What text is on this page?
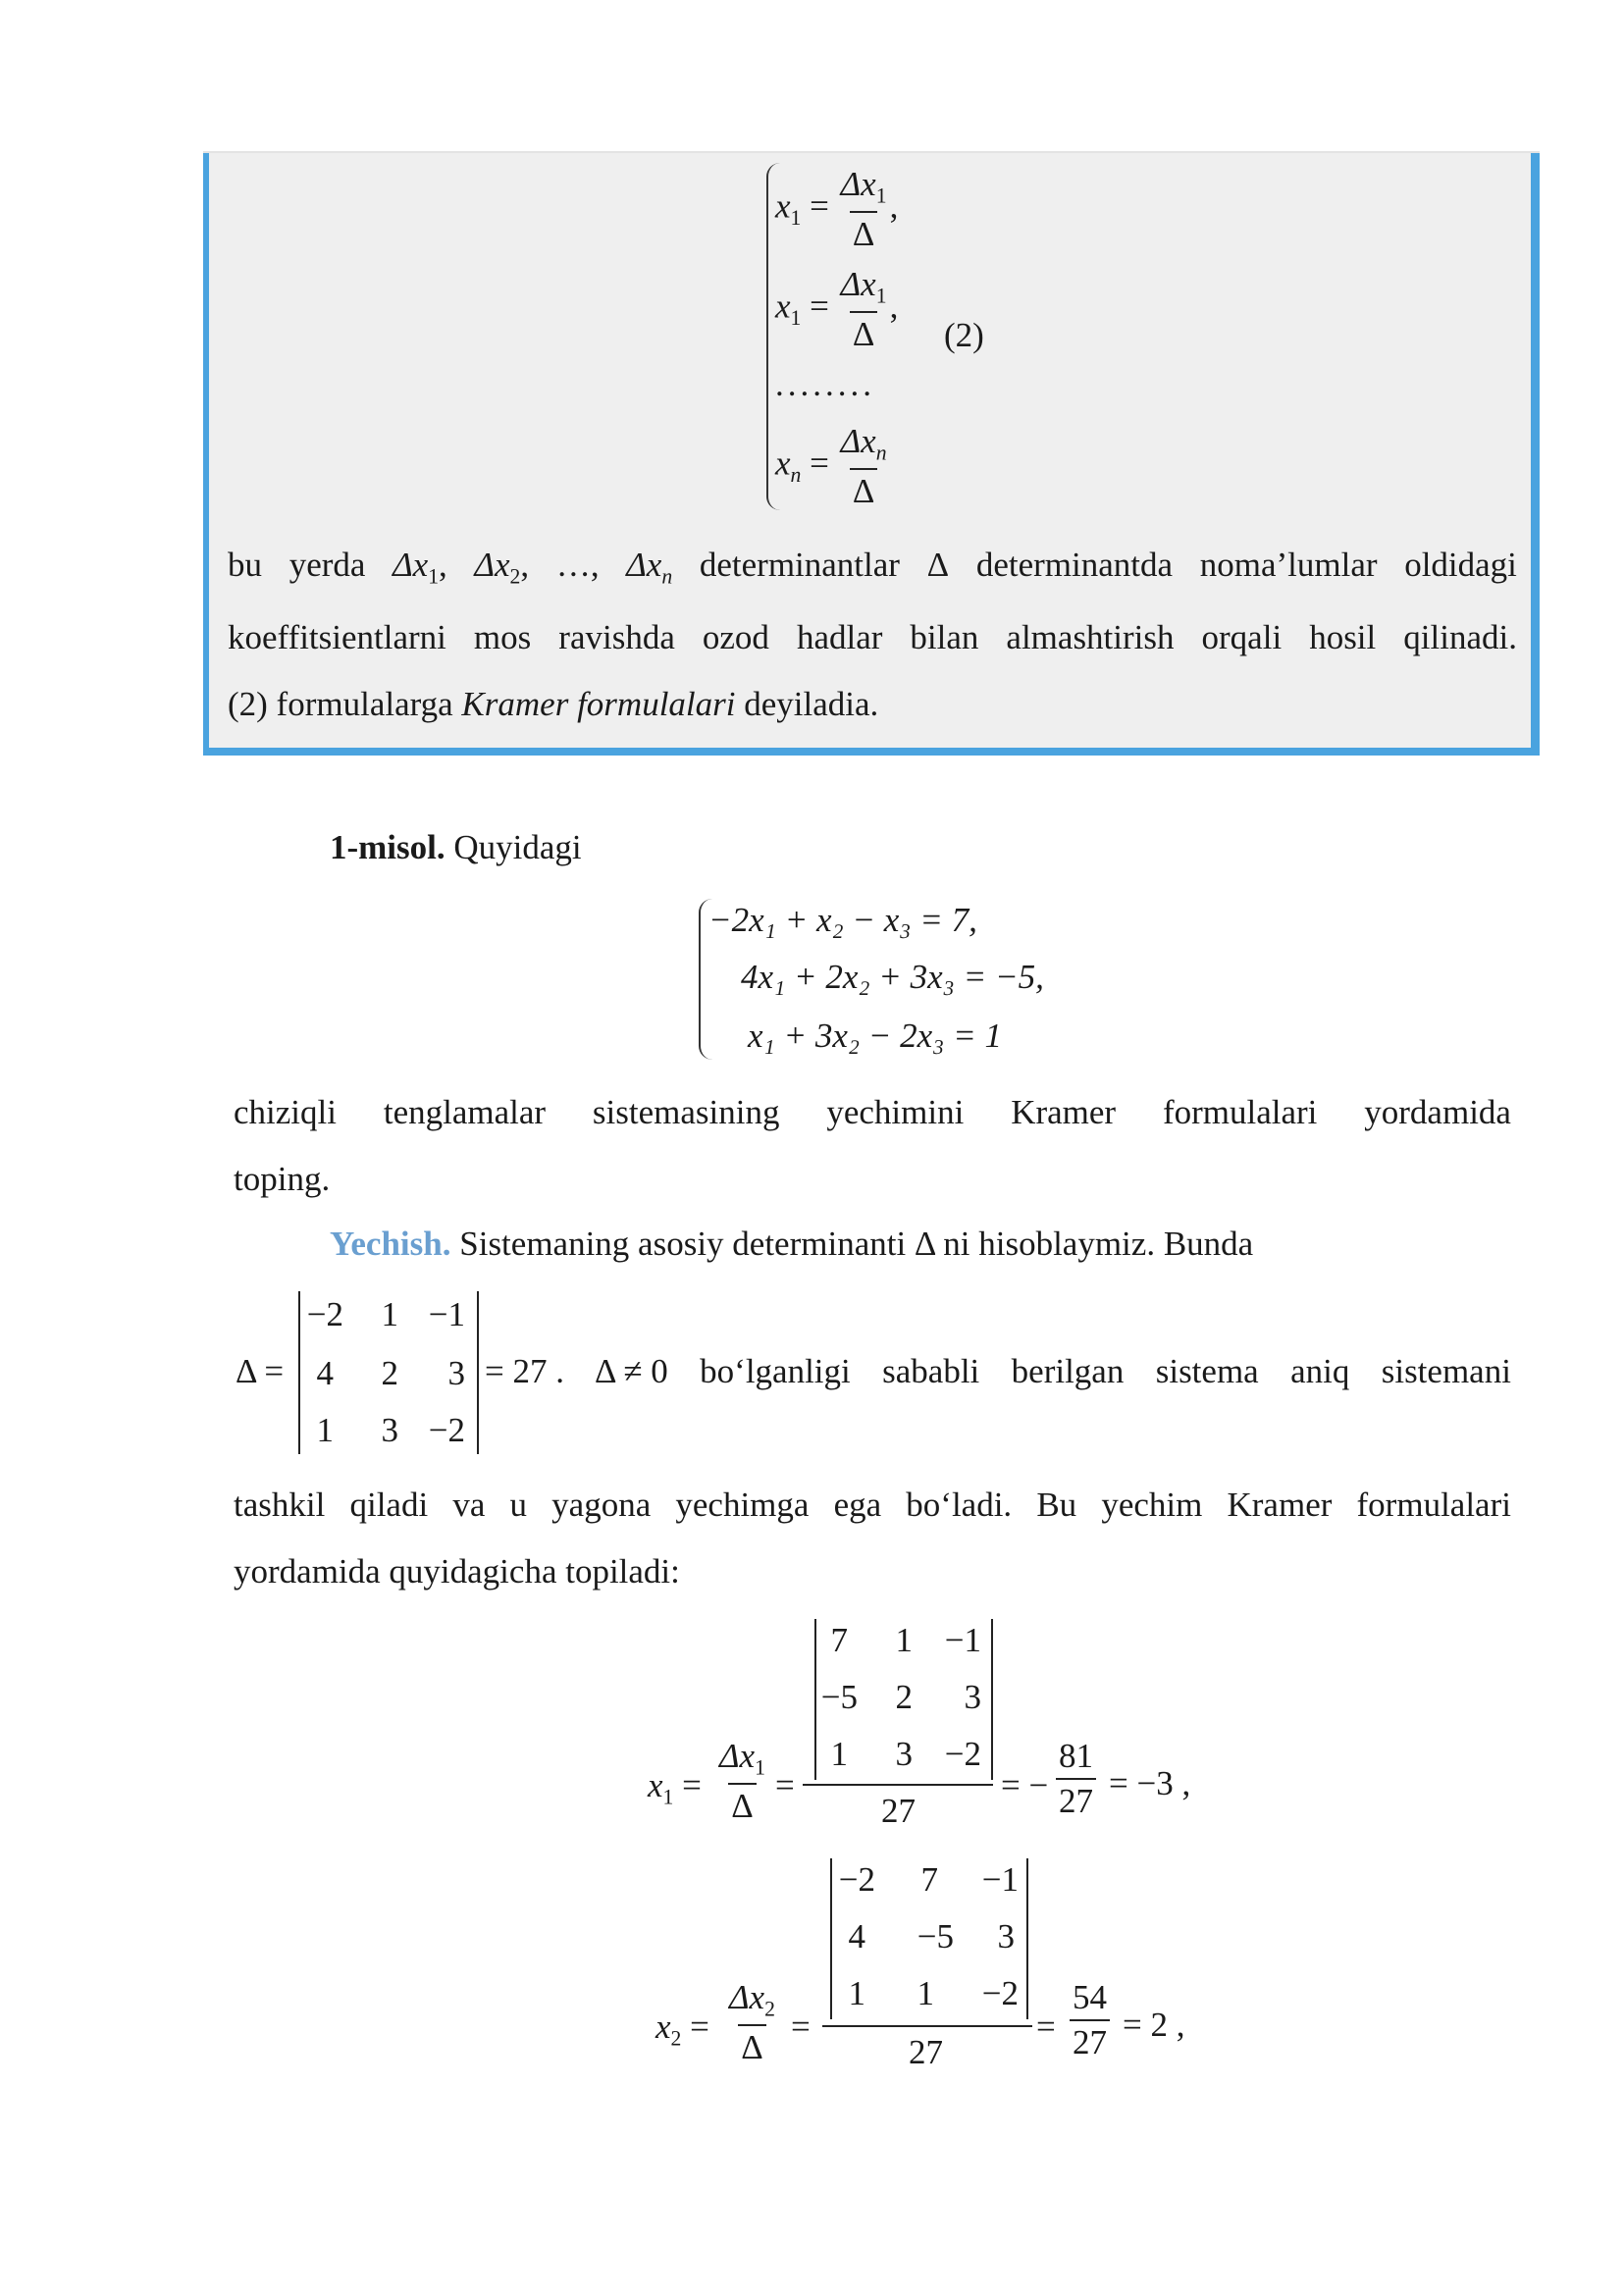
$x_1 = \frac{\Delta x_1}{\Delta}$ ,
$x_1 = \frac{\Delta x_1}{\Delta}$ ,
(2)
........
$x_n = \frac{\Delta x_n}{\Delta}$
bu yerda $\Delta x_1$, $\Delta x_2$, …, $\Delta x_n$ determinantlar Δ determinantda noma’lumlar oldidagi
koeffitsientlarni mos ravishda ozod hadlar bilan almashtirish orqali hosil qilinadi.
(2) formulalarga Kramer formulalari deyiladia.
1-misol. Quyidagi
−2x₁ + x₂ − x₃ = 7,
4x₁ + 2x₂ + 3x₃ = −5,
x₁ + 3x₂ − 2x₃ = 1
chiziqli tenglamalar sistemasining yechimini Kramer formulalari yordamida
toping.
Yechish. Sistemaning asosiy determinanti Δ ni hisoblaymiz. Bunda
Δ =
−2	1 −1
4	2	3
1	3 −2
= 27 . Δ ≠ 0 bo‘lganligi sababli berilgan sistema aniq sistemani
tashkil qiladi va u yagona yechimga ega bo‘ladi. Bu yechim Kramer formulalari
yordamida quyidagicha topiladi:
$x_1 = \frac{\Delta x_1}{\Delta}$ =
7	1 −1
−5	2	3
1	3 −2
27
= − $\frac{81}{27} = -3$ ,
$x_2 = \frac{\Delta x_2}{\Delta}$ =
−2	7	−1
4	−5	3
1	1	−2
27
= $\frac{54}{27} = 2$ ,
